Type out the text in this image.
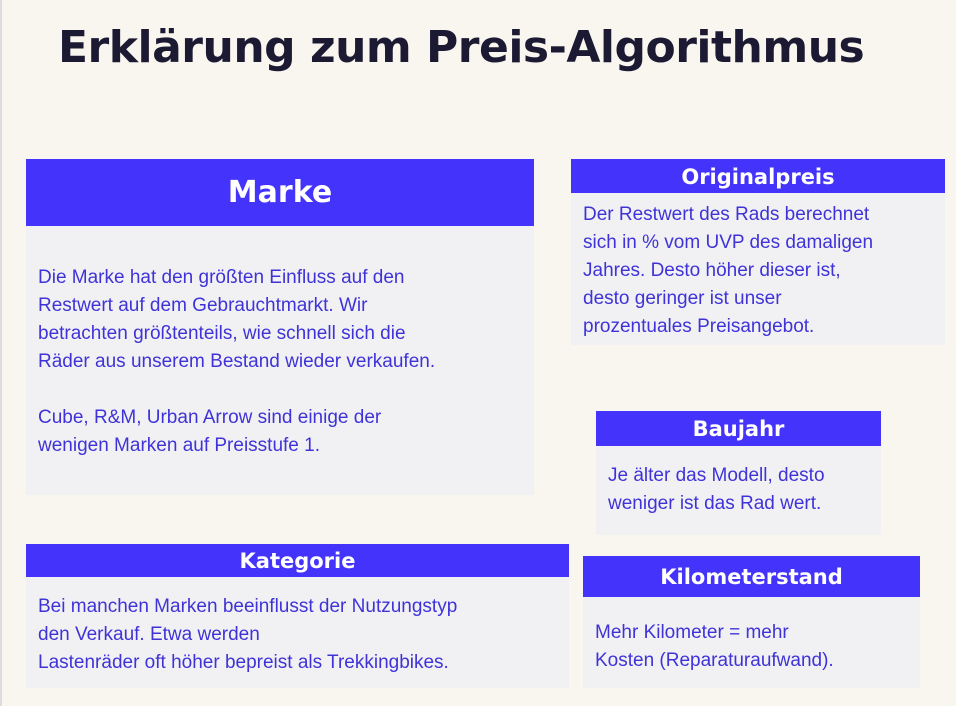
Erklärung zum Preis-Algorithmus
Marke
Die Marke hat den größten Einfluss auf den
Restwert auf dem Gebrauchtmarkt. Wir
betrachten größtenteils, wie schnell sich die
Räder aus unserem Bestand wieder verkaufen.

Cube, R&M, Urban Arrow sind einige der
wenigen Marken auf Preisstufe 1.
Originalpreis
Der Restwert des Rads berechnet
sich in % vom UVP des damaligen
Jahres. Desto höher dieser ist,
desto geringer ist unser
prozentuales Preisangebot.
Baujahr
Je älter das Modell, desto
weniger ist das Rad wert.
Kategorie
Bei manchen Marken beeinflusst der Nutzungstyp
den Verkauf. Etwa werden
Lastenräder oft höher bepreist als Trekkingbikes.
Kilometerstand
Mehr Kilometer = mehr
Kosten (Reparaturaufwand).
